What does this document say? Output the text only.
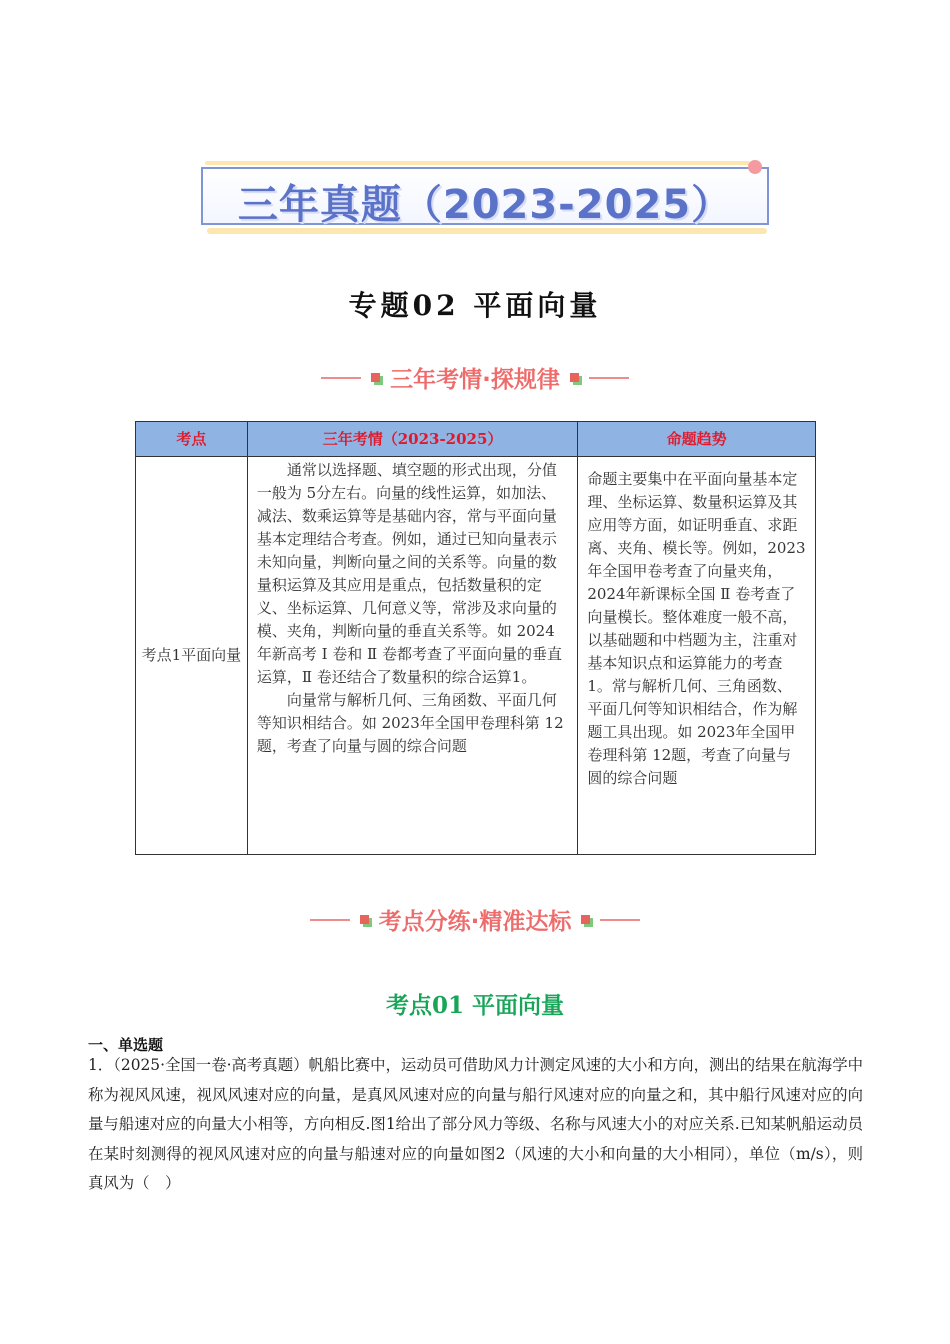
三年真题（2023-2025）
专题02 平面向量
三年考情·探规律
考点	三年考情（2023-2025）	命题趋势
考点1平面向量	通常以选择题、填空题的形式出现，分值一般为 5分左右。向量的线性运算，如加法、减法、数乘运算等是基础内容，常与平面向量基本定理结合考查。例如，通过已知向量表示未知向量，判断向量之间的关系等。向量的数量积运算及其应用是重点，包括数量积的定义、坐标运算、几何意义等，常涉及求向量的模、夹角，判断向量的垂直关系等。如 2024年新高考 Ⅰ 卷和 Ⅱ 卷都考查了平面向量的垂直运算，Ⅱ 卷还结合了数量积的综合运算1。
向量常与解析几何、三角函数、平面几何等知识相结合。如 2023年全国甲卷理科第 12题，考查了向量与圆的综合问题	命题主要集中在平面向量基本定理、坐标运算、数量积运算及其应用等方面，如证明垂直、求距离、夹角、模长等。例如，2023年全国甲卷考查了向量夹角，2024年新课标全国 Ⅱ 卷考查了向量模长。整体难度一般不高，以基础题和中档题为主，注重对基本知识点和运算能力的考查1。常与解析几何、三角函数、平面几何等知识相结合，作为解题工具出现。如 2023年全国甲卷理科第 12题，考查了向量与圆的综合问题
考点分练·精准达标
考点01 平面向量
一、单选题
1．（2025·全国一卷·高考真题）帆船比赛中，运动员可借助风力计测定风速的大小和方向，测出的结果在航海学中称为视风风速，视风风速对应的向量，是真风风速对应的向量与船行风速对应的向量之和，其中船行风速对应的向量与船速对应的向量大小相等，方向相反.图1给出了部分风力等级、名称与风速大小的对应关系.已知某帆船运动员在某时刻测得的视风风速对应的向量与船速对应的向量如图2（风速的大小和向量的大小相同），单位（m/s），则真风为（　）
